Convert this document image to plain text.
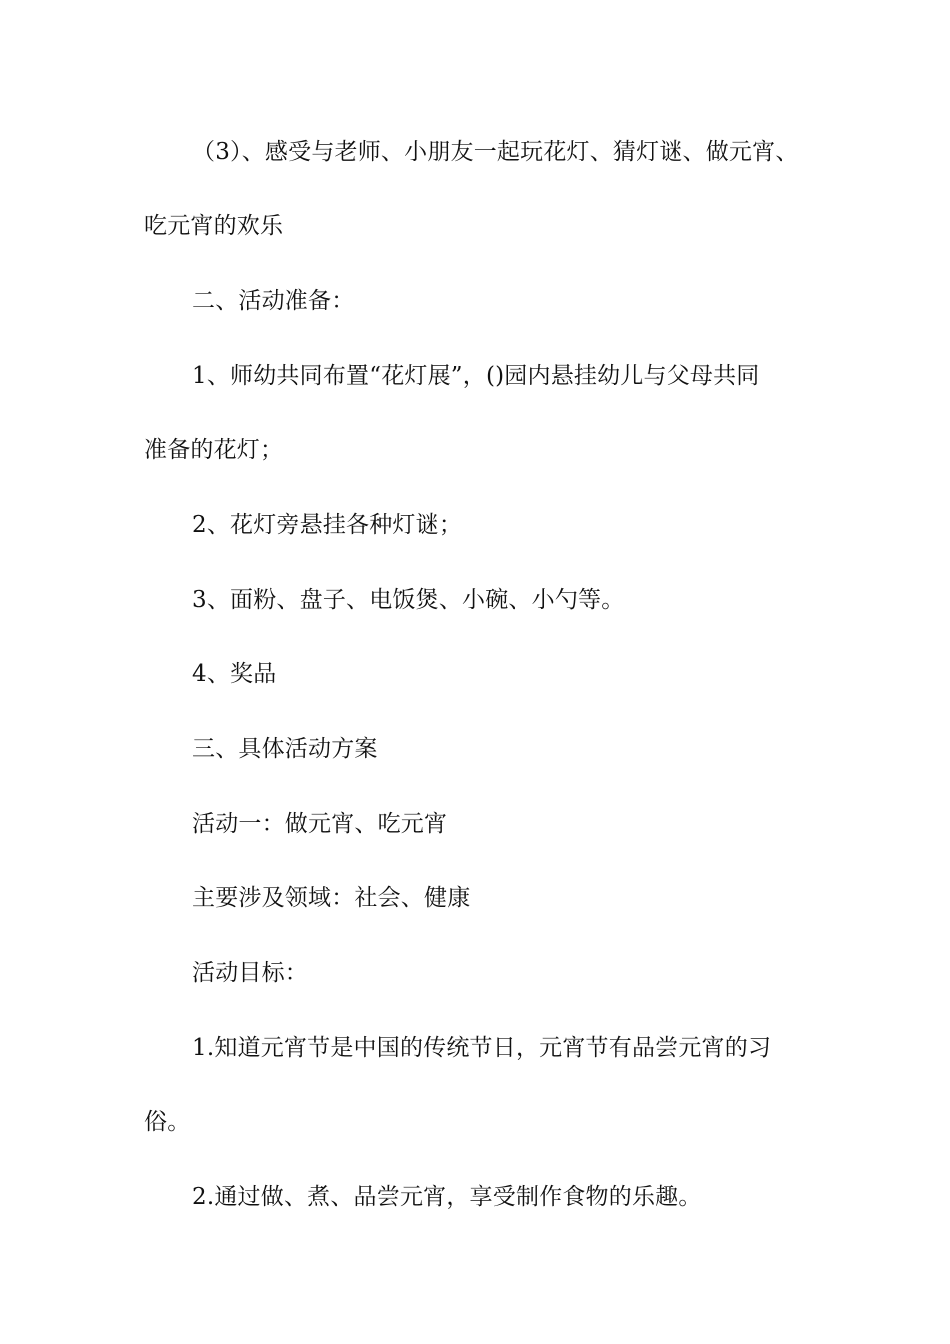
（3）、感受与老师、小朋友一起玩花灯、猜灯谜、做元宵、
吃元宵的欢乐
二、活动准备：
1、师幼共同布置“花灯展”，()园内悬挂幼儿与父母共同
准备的花灯；
2、花灯旁悬挂各种灯谜；
3、面粉、盘子、电饭煲、小碗、小勺等。
4、奖品
三、具体活动方案
活动一：做元宵、吃元宵
主要涉及领域：社会、健康
活动目标：
1.知道元宵节是中国的传统节日，元宵节有品尝元宵的习
俗。
2.通过做、煮、品尝元宵，享受制作食物的乐趣。
